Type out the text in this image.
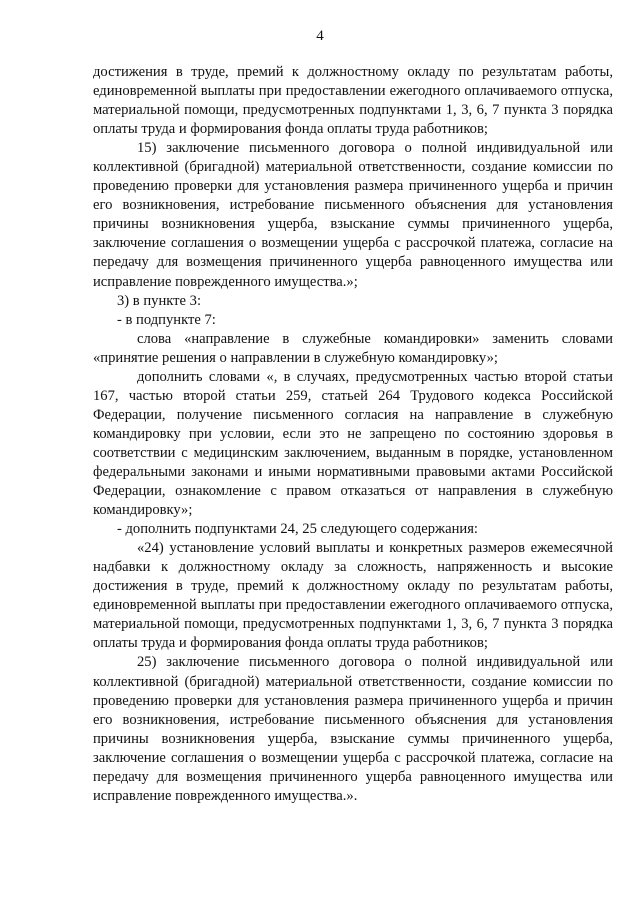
4

достижения в труде, премий к должностному окладу по результатам работы, единовременной выплаты при предоставлении ежегодного оплачиваемого отпуска, материальной помощи, предусмотренных подпунктами 1, 3, 6, 7 пункта 3 порядка оплаты труда и формирования фонда оплаты труда работников;

15) заключение письменного договора о полной индивидуальной или коллективной (бригадной) материальной ответственности, создание комиссии по проведению проверки для установления размера причиненного ущерба и причин его возникновения, истребование письменного объяснения для установления причины возникновения ущерба, взыскание суммы причиненного ущерба, заключение соглашения о возмещении ущерба с рассрочкой платежа, согласие на передачу для возмещения причиненного ущерба равноценного имущества или исправление поврежденного имущества.»;

3) в пункте 3:

- в подпункте 7:

слова «направление в служебные командировки» заменить словами «принятие решения о направлении в служебную командировку»;

дополнить словами «, в случаях, предусмотренных частью второй статьи 167, частью второй статьи 259, статьей 264 Трудового кодекса Российской Федерации, получение письменного согласия на направление в служебную командировку при условии, если это не запрещено по состоянию здоровья в соответствии с медицинским заключением, выданным в порядке, установленном федеральными законами и иными нормативными правовыми актами Российской Федерации, ознакомление с правом отказаться от направления в служебную командировку»;

- дополнить подпунктами 24, 25 следующего содержания:

«24) установление условий выплаты и конкретных размеров ежемесячной надбавки к должностному окладу за сложность, напряженность и высокие достижения в труде, премий к должностному окладу по результатам работы, единовременной выплаты при предоставлении ежегодного оплачиваемого отпуска, материальной помощи, предусмотренных подпунктами 1, 3, 6, 7 пункта 3 порядка оплаты труда и формирования фонда оплаты труда работников;

25) заключение письменного договора о полной индивидуальной или коллективной (бригадной) материальной ответственности, создание комиссии по проведению проверки для установления размера причиненного ущерба и причин его возникновения, истребование письменного объяснения для установления причины возникновения ущерба, взыскание суммы причиненного ущерба, заключение соглашения о возмещении ущерба с рассрочкой платежа, согласие на передачу для возмещения причиненного ущерба равноценного имущества или исправление поврежденного имущества.».
